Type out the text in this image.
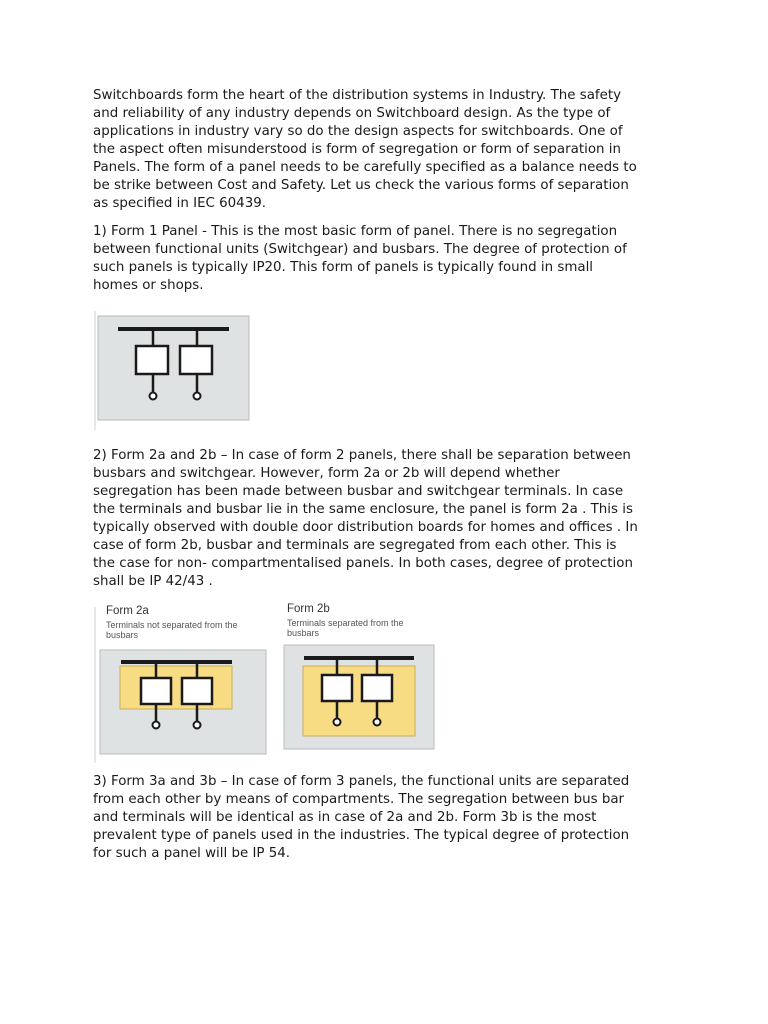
Switchboards form the heart of the distribution systems in Industry. The safety
and reliability of any industry depends on Switchboard design. As the type of
applications in industry vary so do the design aspects for switchboards. One of
the aspect often misunderstood is form of segregation or form of separation in
Panels. The form of a panel needs to be carefully specified as a balance needs to
be strike between Cost and Safety. Let us check the various forms of separation
as specified in IEC 60439.

1) Form 1 Panel - This is the most basic form of panel. There is no segregation
between functional units (Switchgear) and busbars. The degree of protection of
such panels is typically IP20. This form of panels is typically found in small
homes or shops.

2) Form 2a and 2b – In case of form 2 panels, there shall be separation between
busbars and switchgear. However, form 2a or 2b will depend whether
segregation has been made between busbar and switchgear terminals. In case
the terminals and busbar lie in the same enclosure, the panel is form 2a . This is
typically observed with double door distribution boards for homes and offices . In
case of form 2b, busbar and terminals are segregated from each other. This is
the case for non- compartmentalised panels. In both cases, degree of protection
shall be IP 42/43 .

Form 2a

Terminals not separated from the
busbars

Form 2b

Terminals separated from the
busbars

3) Form 3a and 3b – In case of form 3 panels, the functional units are separated
from each other by means of compartments. The segregation between bus bar
and terminals will be identical as in case of 2a and 2b. Form 3b is the most
prevalent type of panels used in the industries. The typical degree of protection
for such a panel will be IP 54.
